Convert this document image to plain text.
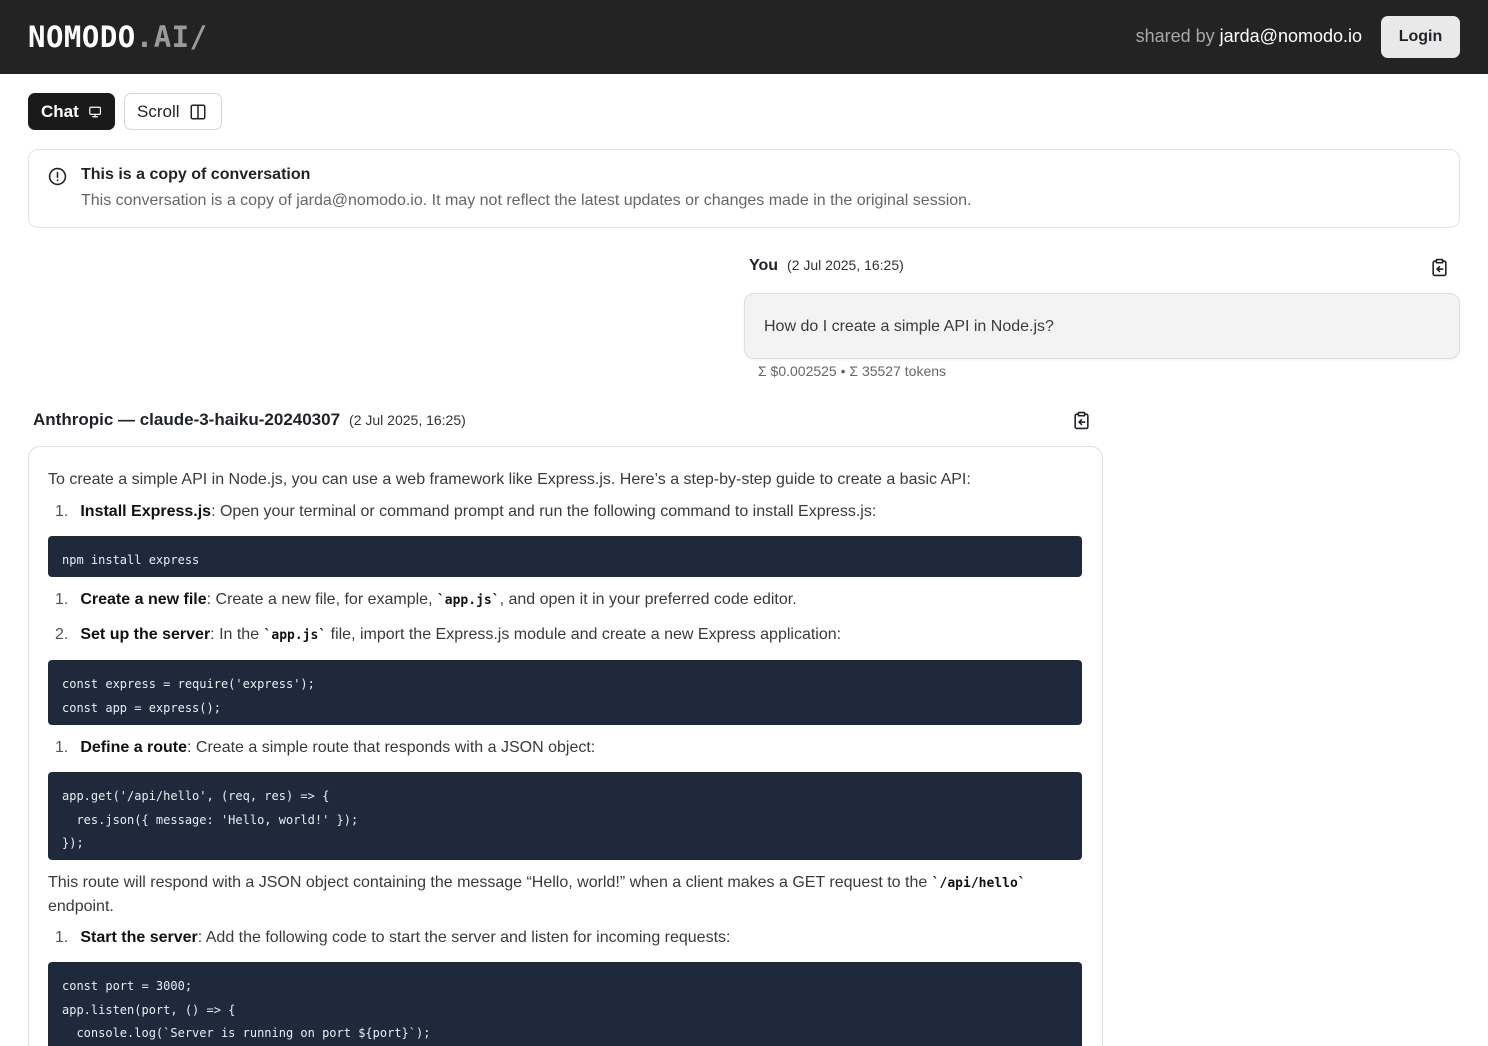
NOMODO .AI/	shared by jarda@nomodo.io	Login
Chat	Scroll
This is a copy of conversation
This conversation is a copy of jarda@nomodo.io. It may not reflect the latest updates or changes made in the original session.
You (2 Jul 2025, 16:25)
How do I create a simple API in Node.js?
Σ $0.002525 • Σ 35527 tokens
Anthropic — claude-3-haiku-20240307 (2 Jul 2025, 16:25)
To create a simple API in Node.js, you can use a web framework like Express.js. Here’s a step-by-step guide to create a basic API:
1. Install Express.js: Open your terminal or command prompt and run the following command to install Express.js:
npm install express
1. Create a new file: Create a new file, for example, `app.js`, and open it in your preferred code editor.
2. Set up the server: In the `app.js` file, import the Express.js module and create a new Express application:
const express = require('express');
const app = express();
1. Define a route: Create a simple route that responds with a JSON object:
app.get('/api/hello', (req, res) => {
res.json({ message: 'Hello, world!' });
});
This route will respond with a JSON object containing the message “Hello, world!” when a client makes a GET request to the `/api/hello`
endpoint.
1. Start the server: Add the following code to start the server and listen for incoming requests:
const port = 3000;
app.listen(port, () => {
console.log(`Server is running on port ${port}`);
